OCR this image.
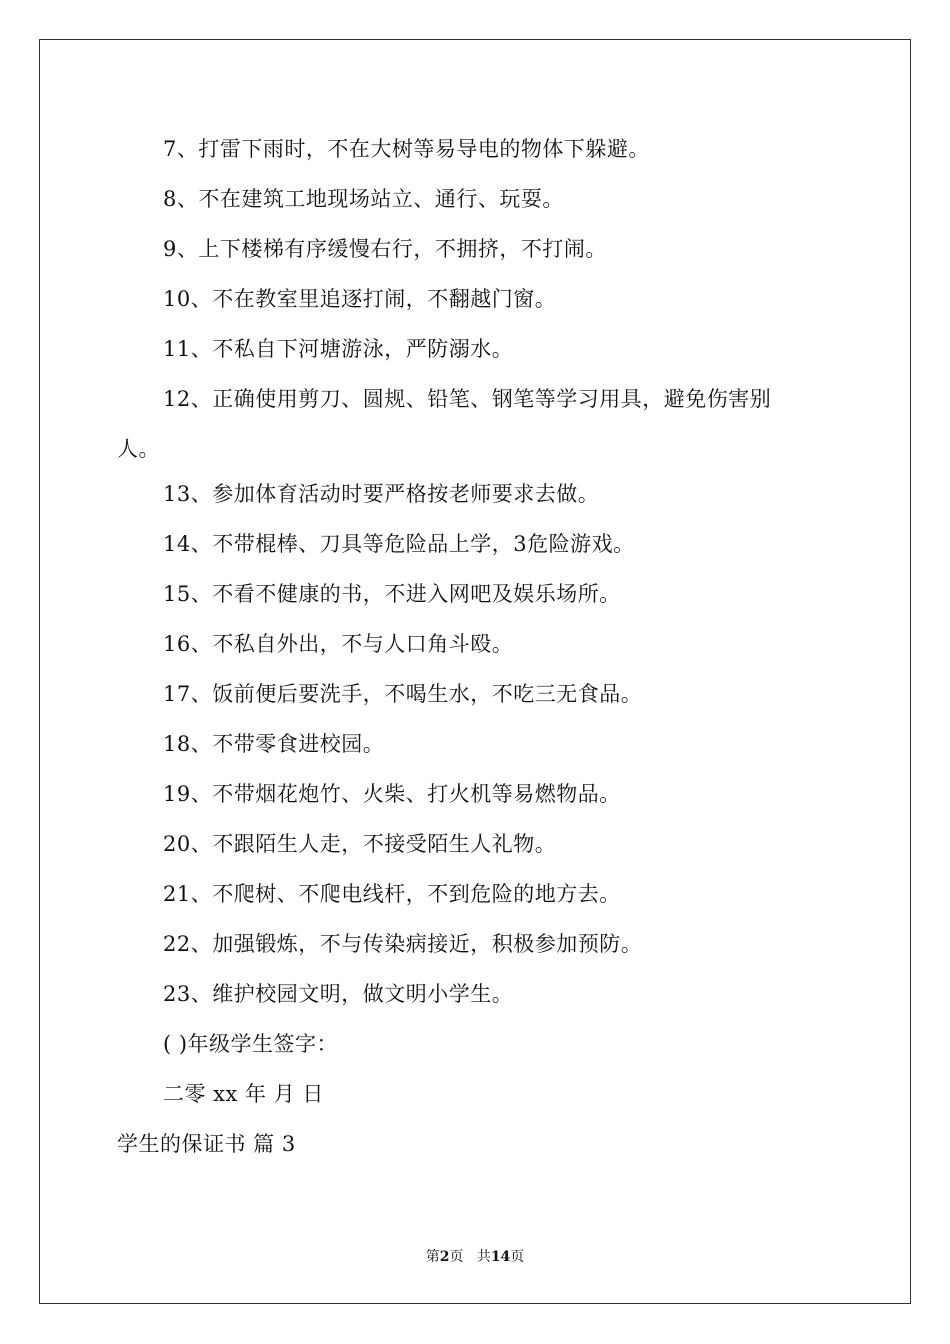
7、打雷下雨时，不在大树等易导电的物体下躲避。
8、不在建筑工地现场站立、通行、玩耍。
9、上下楼梯有序缓慢右行，不拥挤，不打闹。
10、不在教室里追逐打闹，不翻越门窗。
11、不私自下河塘游泳，严防溺水。
12、正确使用剪刀、圆规、铅笔、钢笔等学习用具，避免伤害别
人。
13、参加体育活动时要严格按老师要求去做。
14、不带棍棒、刀具等危险品上学，3危险游戏。
15、不看不健康的书，不进入网吧及娱乐场所。
16、不私自外出，不与人口角斗殴。
17、饭前便后要洗手，不喝生水，不吃三无食品。
18、不带零食进校园。
19、不带烟花炮竹、火柴、打火机等易燃物品。
20、不跟陌生人走，不接受陌生人礼物。
21、不爬树、不爬电线杆，不到危险的地方去。
22、加强锻炼，不与传染病接近，积极参加预防。
23、维护校园文明，做文明小学生。
( )年级学生签字：
二零 xx 年 月 日
学生的保证书 篇 3
第2页 共14页
